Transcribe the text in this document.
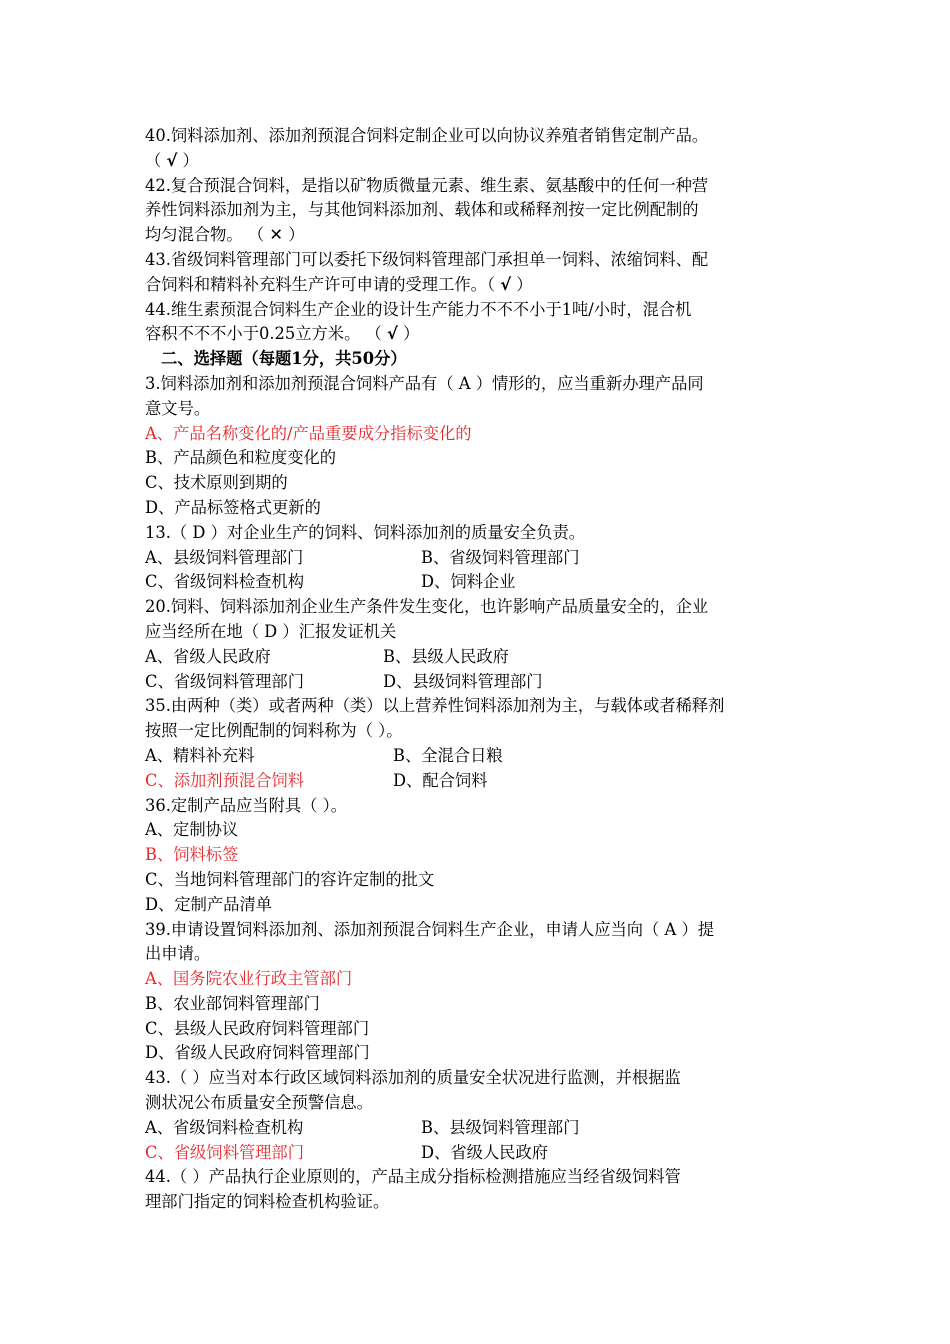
40.饲料添加剂、添加剂预混合饲料定制企业可以向协议养殖者销售定制产品。
（ √ ）
42.复合预混合饲料，是指以矿物质微量元素、维生素、氨基酸中的任何一种营
养性饲料添加剂为主，与其他饲料添加剂、载体和或稀释剂按一定比例配制的
均匀混合物。 （ ✕ ）
43.省级饲料管理部门可以委托下级饲料管理部门承担单一饲料、浓缩饲料、配
合饲料和精料补充料生产许可申请的受理工作。（ √ ）
44.维生素预混合饲料生产企业的设计生产能力不不不小于1吨/小时，混合机
容积不不不小于0.25立方米。 （ √ ）
二、选择题（每题1分，共50分）
3.饲料添加剂和添加剂预混合饲料产品有（ A ）情形的，应当重新办理产品同
意文号。
A、产品名称变化的/产品重要成分指标变化的
B、产品颜色和粒度变化的
C、技术原则到期的
D、产品标签格式更新的
13.（ D ）对企业生产的饲料、饲料添加剂的质量安全负责。
A、县级饲料管理部门	B、省级饲料管理部门
C、省级饲料检查机构	D、饲料企业
20.饲料、饲料添加剂企业生产条件发生变化，也许影响产品质量安全的，企业
应当经所在地（ D ）汇报发证机关
A、省级人民政府	B、县级人民政府
C、省级饲料管理部门	D、县级饲料管理部门
35.由两种（类）或者两种（类）以上营养性饲料添加剂为主，与载体或者稀释剂
按照一定比例配制的饲料称为（ ）。
A、精料补充料	B、全混合日粮
C、添加剂预混合饲料	D、配合饲料
36.定制产品应当附具（ ）。
A、定制协议
B、饲料标签
C、当地饲料管理部门的容许定制的批文
D、定制产品清单
39.申请设置饲料添加剂、添加剂预混合饲料生产企业，申请人应当向（ A ）提
出申请。
A、国务院农业行政主管部门
B、农业部饲料管理部门
C、县级人民政府饲料管理部门
D、省级人民政府饲料管理部门
43.（ ）应当对本行政区域饲料添加剂的质量安全状况进行监测，并根据监
测状况公布质量安全预警信息。
A、省级饲料检查机构	B、县级饲料管理部门
C、省级饲料管理部门	D、省级人民政府
44.（ ）产品执行企业原则的，产品主成分指标检测措施应当经省级饲料管
理部门指定的饲料检查机构验证。
